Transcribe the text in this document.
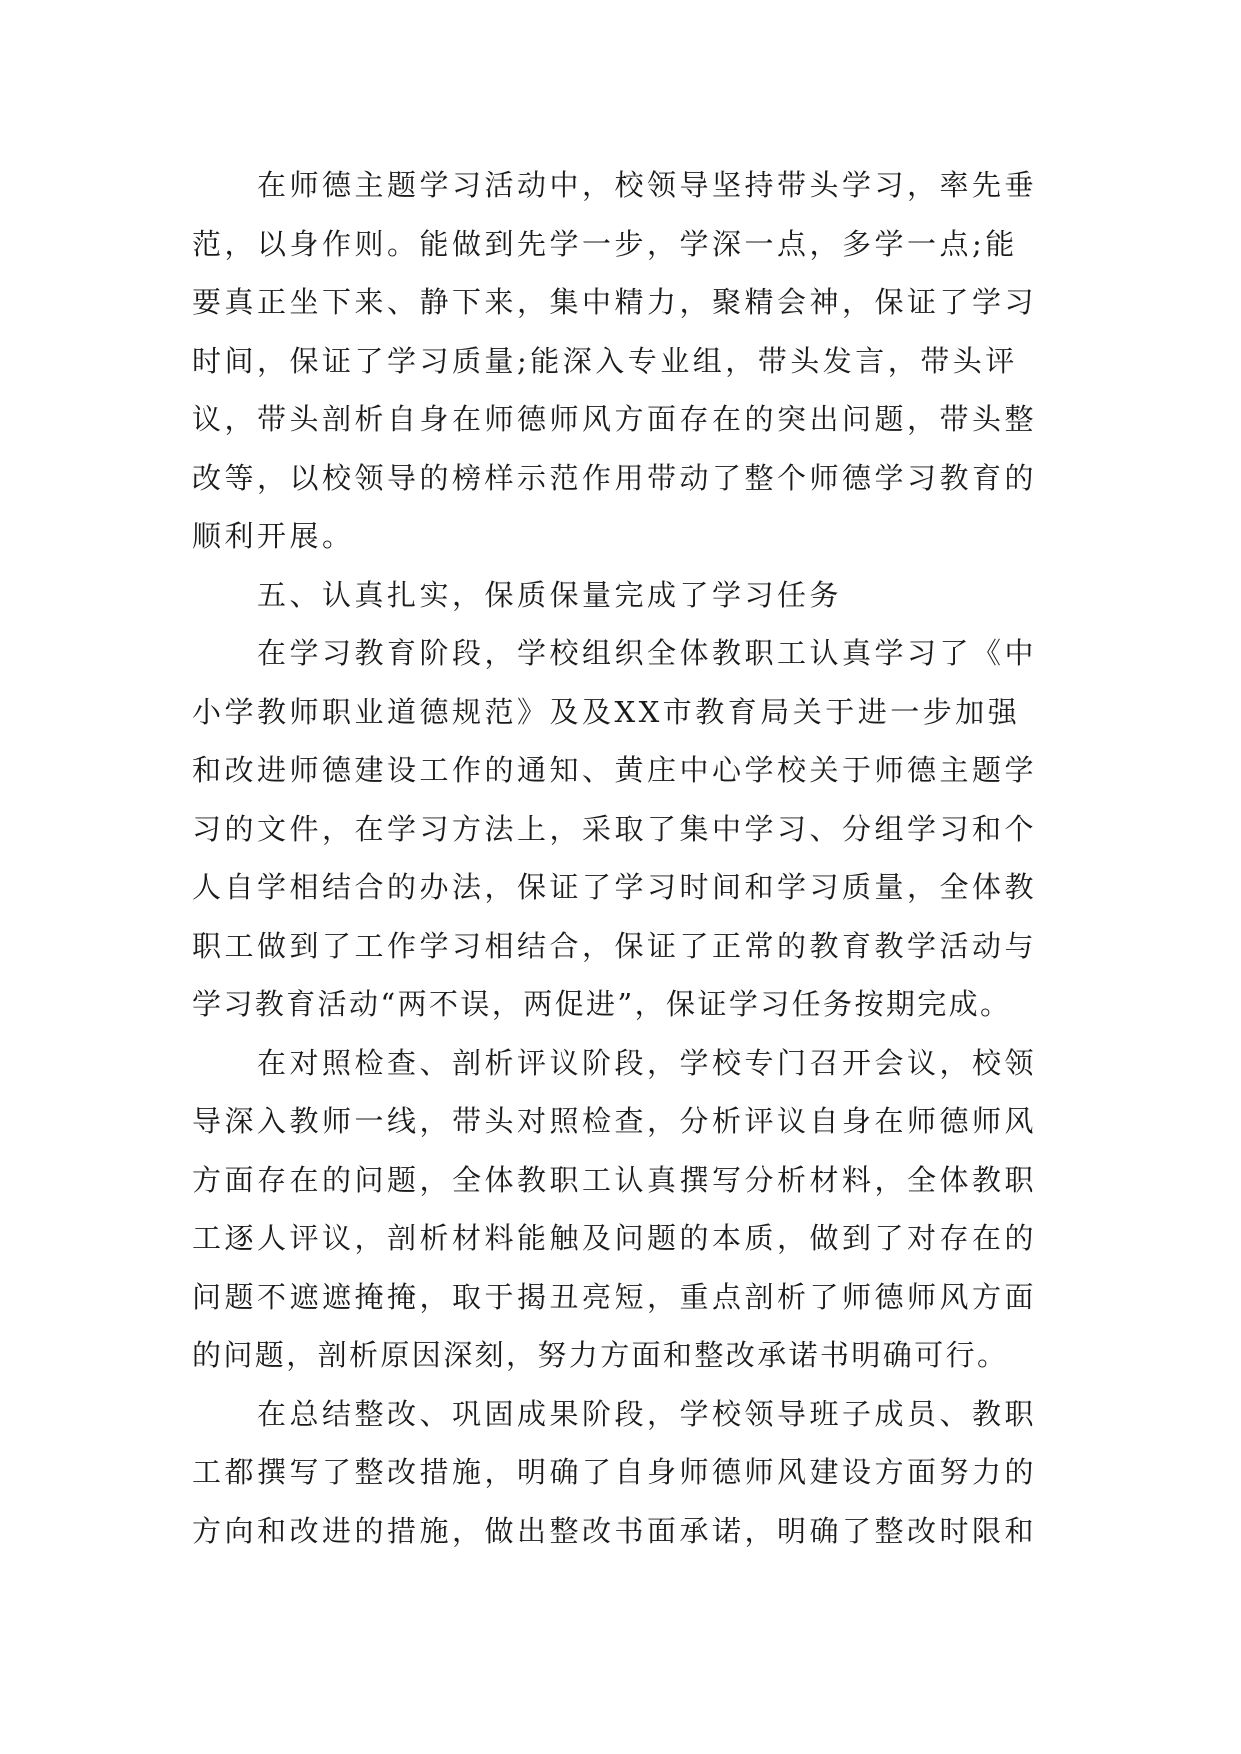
在师德主题学习活动中，校领导坚持带头学习，率先垂
范，以身作则。能做到先学一步，学深一点，多学一点;能
要真正坐下来、静下来，集中精力，聚精会神，保证了学习
时间，保证了学习质量;能深入专业组，带头发言，带头评
议，带头剖析自身在师德师风方面存在的突出问题，带头整
改等，以校领导的榜样示范作用带动了整个师德学习教育的
顺利开展。

五、认真扎实，保质保量完成了学习任务

在学习教育阶段，学校组织全体教职工认真学习了《中
小学教师职业道德规范》及及XX市教育局关于进一步加强
和改进师德建设工作的通知、黄庄中心学校关于师德主题学
习的文件，在学习方法上，采取了集中学习、分组学习和个
人自学相结合的办法，保证了学习时间和学习质量，全体教
职工做到了工作学习相结合，保证了正常的教育教学活动与
学习教育活动“两不误，两促进”，保证学习任务按期完成。

在对照检查、剖析评议阶段，学校专门召开会议，校领
导深入教师一线，带头对照检查，分析评议自身在师德师风
方面存在的问题，全体教职工认真撰写分析材料，全体教职
工逐人评议，剖析材料能触及问题的本质，做到了对存在的
问题不遮遮掩掩，取于揭丑亮短，重点剖析了师德师风方面
的问题，剖析原因深刻，努力方面和整改承诺书明确可行。

在总结整改、巩固成果阶段，学校领导班子成员、教职
工都撰写了整改措施，明确了自身师德师风建设方面努力的
方向和改进的措施，做出整改书面承诺，明确了整改时限和
